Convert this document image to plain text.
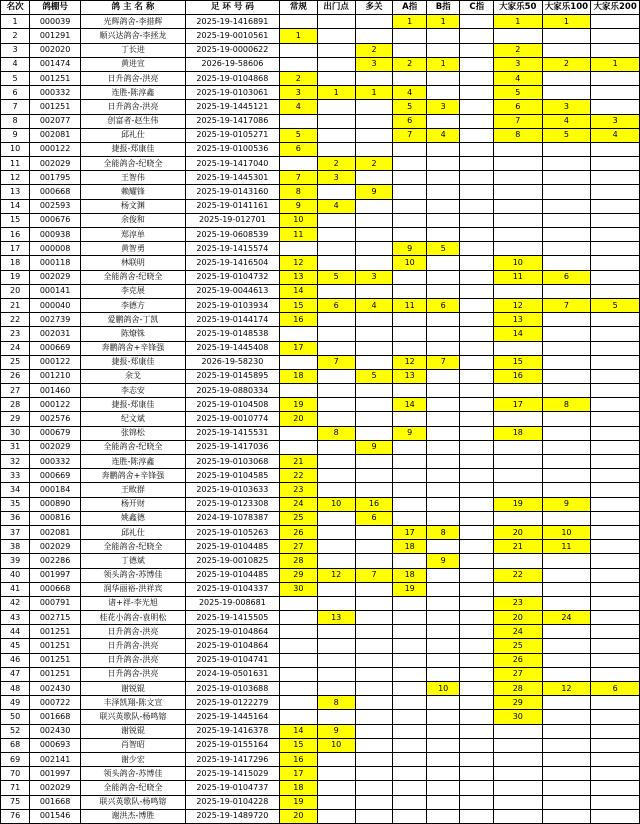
名次	鸽棚号	鸽 主 名 称	足 环 号 码	常规	出门点	多关	A指	B指	C指	大家乐50	大家乐100	大家乐200
1	000039	光辉鸽舍-李措辉	2025-19-1416891				1	1		1	1	
2	001291	顺兴达鸽舍-李拯龙	2025-19-0010561	1								
3	002020	丁长进	2025-19-0000622			2				2		
4	001474	黄进宣	2026-19-58606			3	2	1		3	2	1
5	001251	日升鸽舍-洪亮	2025-19-0104868	2						4		
6	000332	连胜-陈淳鑫	2025-19-0103061	3	1	1	4			5		
7	001251	日升鸽舍-洪亮	2025-19-1445121	4			5	3		6	3	
8	002077	创富者-赵生伟	2025-19-1417086				6			7	4	3
9	002081	邱礼仕	2025-19-0105271	5			7	4		8	5	4
10	000122	捷报-郑康佳	2025-19-0100536	6								
11	002029	全能鸽舍-纪晓全	2025-19-1417040		2	2						
12	001795	王智伟	2025-19-1445301	7	3							
13	000668	赖耀锋	2025-19-0143160	8		9						
14	002593	杨文渊	2025-19-0141161	9	4							
15	000676	余俊和	2025-19-012701	10								
16	000938	郑淳单	2025-19-0608539	11								
17	000008	黄智勇	2025-19-1415574				9	5				
18	000118	林联明	2025-19-1416504	12			10			10		
19	002029	全能鸽舍-纪晓全	2025-19-0104732	13	5	3				11	6	
20	000141	李克展	2025-19-0044613	14								
21	000040	李德方	2025-19-0103934	15	6	4	11	6		12	7	5
22	002739	爱鹏鸽舍-丁凯	2025-19-0144174	16						13		
23	002031	陈燎铢	2025-19-0148538							14		
24	000669	奔鹏鸽舍+辛锋强	2025-19-1445408	17								
25	000122	捷报-郑康佳	2026-19-58230		7		12	7		15		
26	001210	余戈	2025-19-0145895	18		5	13			16		
27	001460	李志安	2025-19-0880334									
28	000122	捷报-郑康佳	2025-19-0104508	19			14			17	8	
29	002576	纪文斌	2025-19-0010774	20								
30	000679	张锦松	2025-19-1415531		8		9			18		
31	002029	全能鸽舍-纪晓全	2025-19-1417036			9						
32	000332	连胜-陈淳鑫	2025-19-0103068	21								
33	000669	奔鹏鸽舍+辛锋强	2025-19-0104585	22								
34	000184	王畋群	2025-19-0103633	23								
35	000890	杨开财	2025-19-0123308	24	10	16				19	9	
36	000816	姚鑫德	2024-19-1078387	25		6						
37	002081	邱礼仕	2025-19-0105263	26			17	8		20	10	
38	002029	全能鸽舍-纪晓全	2025-19-0104485	27			18			21	11	
39	002286	丁德斌	2025-19-0010825	28				9				
40	001997	领头鸽舍-苏博佳	2025-19-0104485	29	12	7	18			22		
41	000668	润华丽裕-洪祥宾	2025-19-0104337	30			19					
42	000791	诸+祥-李光旭	2025-19-008681							23		
43	002715	桂花小鸽舍-袁明松	2025-19-1415505		13					20	24	
44	001251	日升鸽舍-洪亮	2025-19-0104864							24		
45	001251	日升鸽舍-洪亮	2025-19-0104864							25		
46	001251	日升鸽舍-洪亮	2025-19-0104741							26		
47	001251	日升鸽舍-洪亮	2024-19-0501631							27		
48	002430	谢锐锟	2025-19-0103688					10		28	12	6
49	000722	丰泽凯翔-陈文宣	2025-19-0122279		8					29		
50	001668	联兴英歌队-杨鸣镕	2025-19-1445164							30		
52	002430	谢锐锟	2025-19-1416378	14	9							
68	000693	肖智昭	2025-19-0155164	15	10							
69	002141	谢少宏	2025-19-1417296	16								
70	001997	领头鸽舍-苏博佳	2025-19-1415029	17								
71	002029	全能鸽舍-纪晓全	2025-19-0104737	18								
75	001668	联兴英歌队-杨鸣镕	2025-19-0104228	19								
76	001546	谢洪杰-博胜	2025-19-1489720	20								
